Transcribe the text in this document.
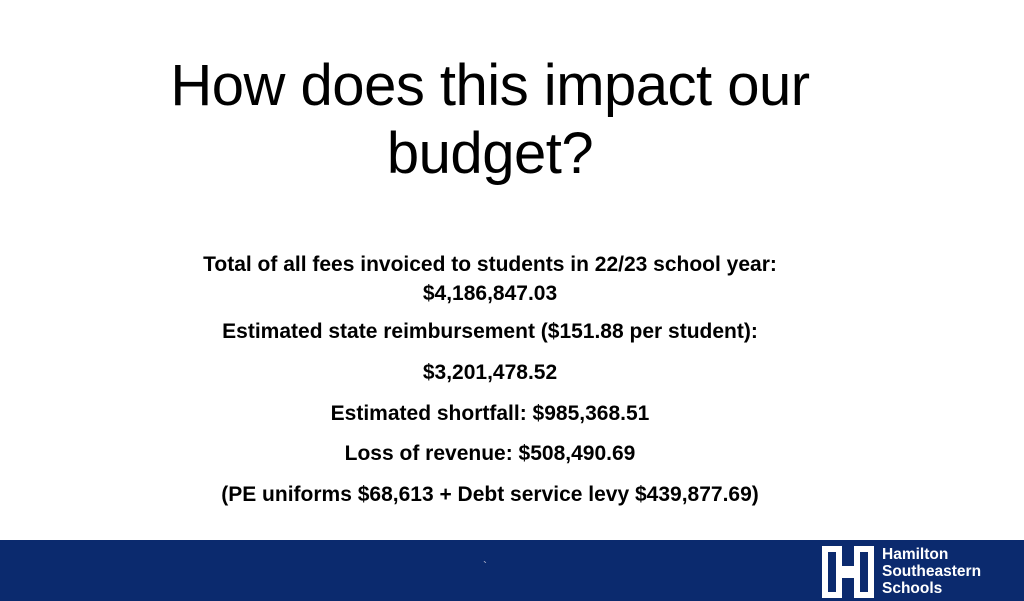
How does this impact our
budget?
Total of all fees invoiced to students in 22/23 school year:
$4,186,847.03
Estimated state reimbursement ($151.88 per student):
$3,201,478.52
Estimated shortfall: $985,368.51
Loss of revenue: $508,490.69
(PE uniforms $68,613 + Debt service levy $439,877.69)
`
Hamilton
Southeastern
Schools
